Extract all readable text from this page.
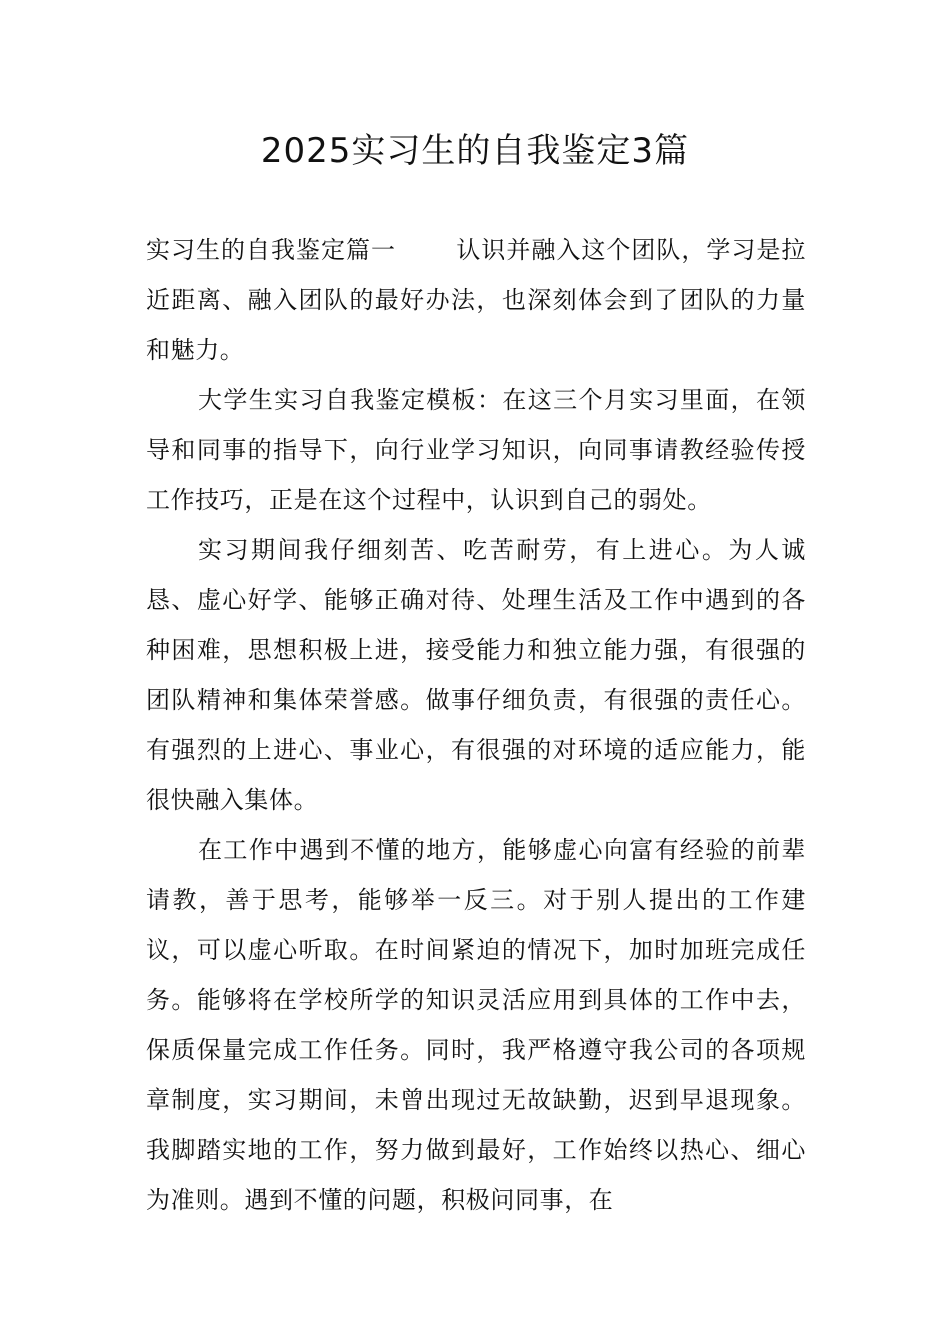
2025实习生的自我鉴定3篇

实习生的自我鉴定篇一	认识并融入这个团队，学习是拉近距离、融入团队的最好办法，也深刻体会到了团队的力量和魅力。

大学生实习自我鉴定模板：在这三个月实习里面，在领导和同事的指导下，向行业学习知识，向同事请教经验传授工作技巧，正是在这个过程中，认识到自己的弱处。

实习期间我仔细刻苦、吃苦耐劳，有上进心。为人诚恳、虚心好学、能够正确对待、处理生活及工作中遇到的各种困难，思想积极上进，接受能力和独立能力强，有很强的团队精神和集体荣誉感。做事仔细负责，有很强的责任心。有强烈的上进心、事业心，有很强的对环境的适应能力，能很快融入集体。

在工作中遇到不懂的地方，能够虚心向富有经验的前辈请教，善于思考，能够举一反三。对于别人提出的工作建议，可以虚心听取。在时间紧迫的情况下，加时加班完成任务。能够将在学校所学的知识灵活应用到具体的工作中去，保质保量完成工作任务。同时，我严格遵守我公司的各项规章制度，实习期间，未曾出现过无故缺勤，迟到早退现象。我脚踏实地的工作，努力做到最好，工作始终以热心、细心为准则。遇到不懂的问题，积极问同事，在
